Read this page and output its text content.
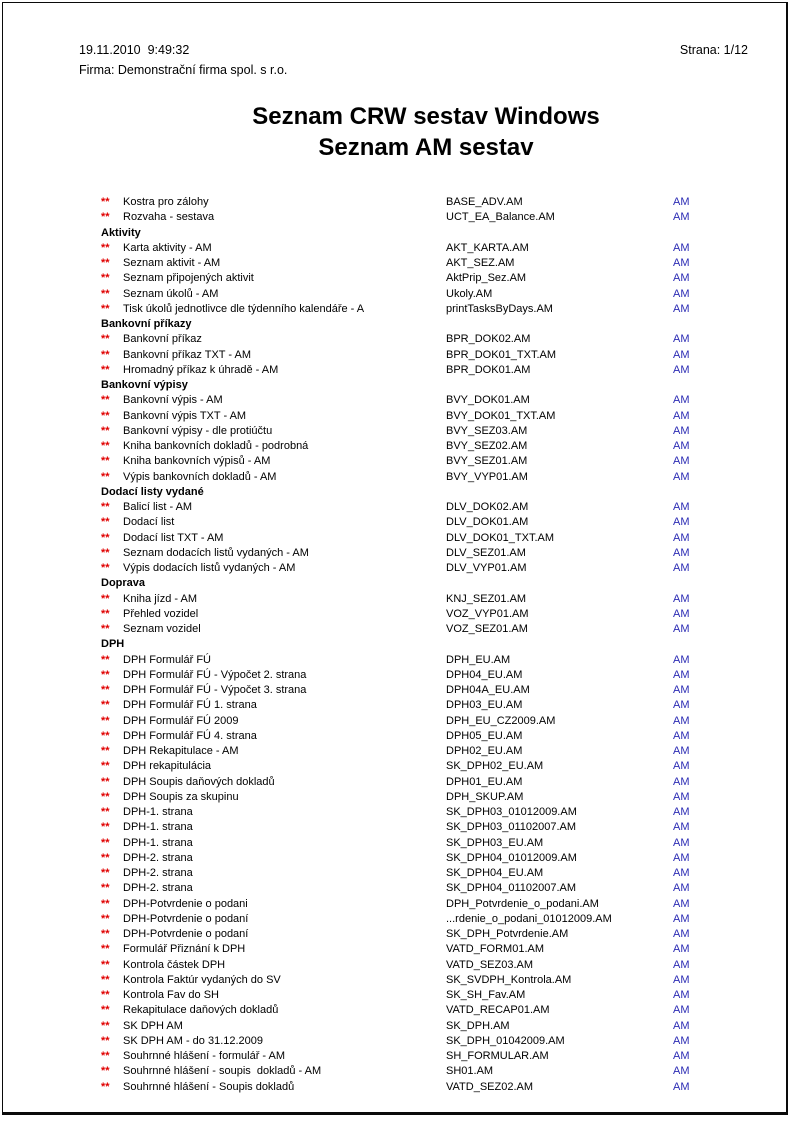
19.11.2010  9:49:32	Strana: 1/12
Firma: Demonstrační firma spol. s r.o.
Seznam CRW sestav Windows
Seznam AM sestav
**	Kostra pro zálohy	BASE_ADV.AM	AM
**	Rozvaha - sestava	UCT_EA_Balance.AM	AM
Aktivity
**	Karta aktivity - AM	AKT_KARTA.AM	AM
**	Seznam aktivit - AM	AKT_SEZ.AM	AM
**	Seznam připojených aktivit	AktPrip_Sez.AM	AM
**	Seznam úkolů - AM	Ukoly.AM	AM
**	Tisk úkolů jednotlivce dle týdenního kalendáře - A	printTasksByDays.AM	AM
Bankovní příkazy
**	Bankovní příkaz	BPR_DOK02.AM	AM
**	Bankovní příkaz TXT - AM	BPR_DOK01_TXT.AM	AM
**	Hromadný příkaz k úhradě - AM	BPR_DOK01.AM	AM
Bankovní výpisy
**	Bankovní výpis - AM	BVY_DOK01.AM	AM
**	Bankovní výpis TXT - AM	BVY_DOK01_TXT.AM	AM
**	Bankovní výpisy - dle protiúčtu	BVY_SEZ03.AM	AM
**	Kniha bankovních dokladů - podrobná	BVY_SEZ02.AM	AM
**	Kniha bankovních výpisů - AM	BVY_SEZ01.AM	AM
**	Výpis bankovních dokladů - AM	BVY_VYP01.AM	AM
Dodací listy vydané
**	Balicí list - AM	DLV_DOK02.AM	AM
**	Dodací list	DLV_DOK01.AM	AM
**	Dodací list TXT - AM	DLV_DOK01_TXT.AM	AM
**	Seznam dodacích listů vydaných - AM	DLV_SEZ01.AM	AM
**	Výpis dodacích listů vydaných - AM	DLV_VYP01.AM	AM
Doprava
**	Kniha jízd - AM	KNJ_SEZ01.AM	AM
**	Přehled vozidel	VOZ_VYP01.AM	AM
**	Seznam vozidel	VOZ_SEZ01.AM	AM
DPH
**	DPH Formulář FÚ	DPH_EU.AM	AM
**	DPH Formulář FÚ - Výpočet 2. strana	DPH04_EU.AM	AM
**	DPH Formulář FÚ - Výpočet 3. strana	DPH04A_EU.AM	AM
**	DPH Formulář FÚ 1. strana	DPH03_EU.AM	AM
**	DPH Formulář FÚ 2009	DPH_EU_CZ2009.AM	AM
**	DPH Formulář FÚ 4. strana	DPH05_EU.AM	AM
**	DPH Rekapitulace - AM	DPH02_EU.AM	AM
**	DPH rekapitulácia	SK_DPH02_EU.AM	AM
**	DPH Soupis daňových dokladů	DPH01_EU.AM	AM
**	DPH Soupis za skupinu	DPH_SKUP.AM	AM
**	DPH-1. strana	SK_DPH03_01012009.AM	AM
**	DPH-1. strana	SK_DPH03_01102007.AM	AM
**	DPH-1. strana	SK_DPH03_EU.AM	AM
**	DPH-2. strana	SK_DPH04_01012009.AM	AM
**	DPH-2. strana	SK_DPH04_EU.AM	AM
**	DPH-2. strana	SK_DPH04_01102007.AM	AM
**	DPH-Potvrdenie o podani	DPH_Potvrdenie_o_podani.AM	AM
**	DPH-Potvrdenie o podaní	...rdenie_o_podani_01012009.AM	AM
**	DPH-Potvrdenie o podaní	SK_DPH_Potvrdenie.AM	AM
**	Formulář Přiznání k DPH	VATD_FORM01.AM	AM
**	Kontrola částek DPH	VATD_SEZ03.AM	AM
**	Kontrola Faktúr vydaných do SV	SK_SVDPH_Kontrola.AM	AM
**	Kontrola Fav do SH	SK_SH_Fav.AM	AM
**	Rekapitulace daňových dokladů	VATD_RECAP01.AM	AM
**	SK DPH AM	SK_DPH.AM	AM
**	SK DPH AM - do 31.12.2009	SK_DPH_01042009.AM	AM
**	Souhrnné hlášení - formulář - AM	SH_FORMULAR.AM	AM
**	Souhrnné hlášení - soupis  dokladů - AM	SH01.AM	AM
**	Souhrnné hlášení - Soupis dokladů	VATD_SEZ02.AM	AM
